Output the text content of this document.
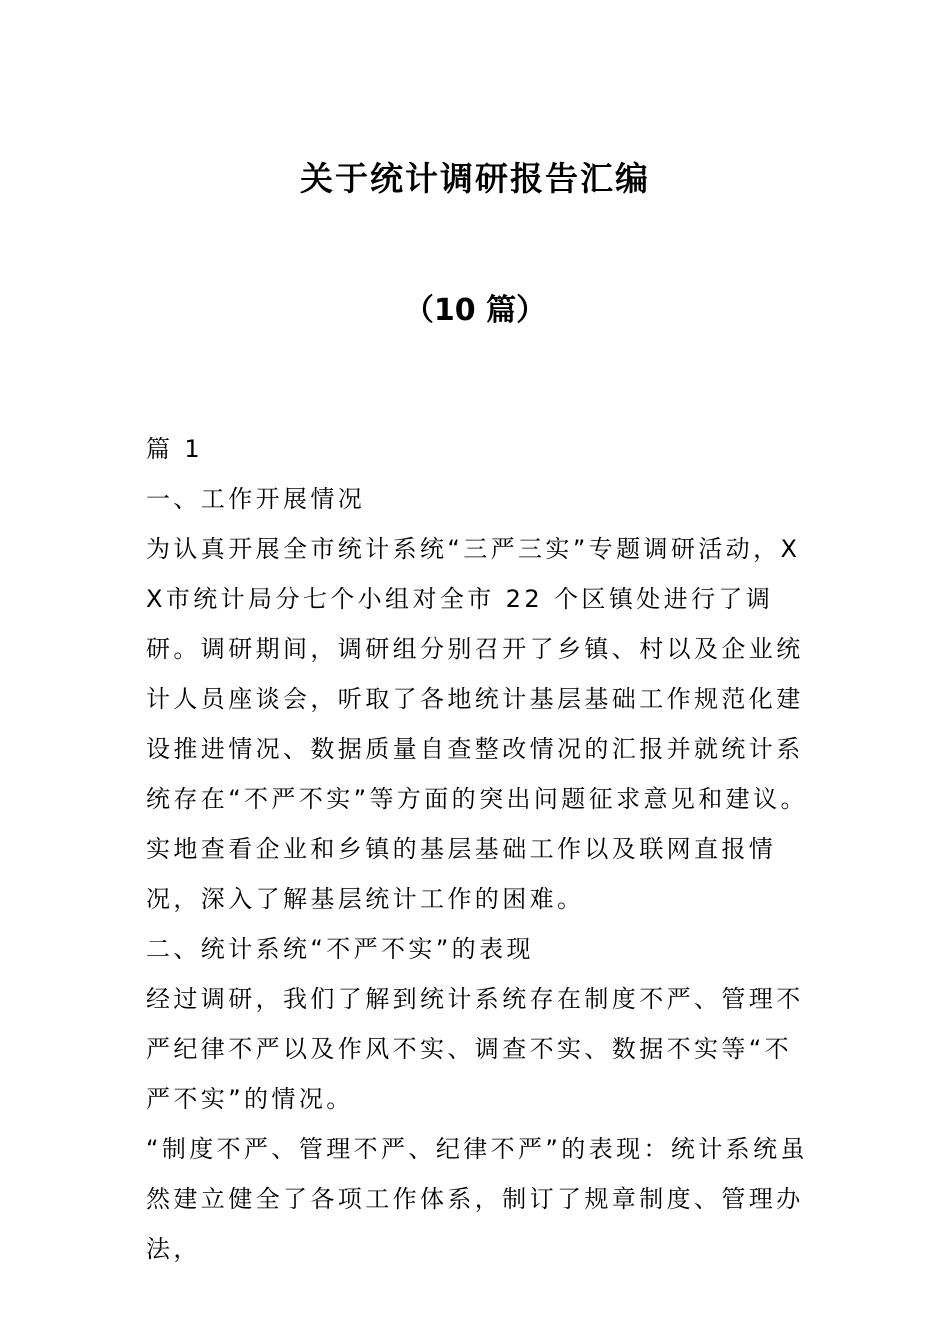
关于统计调研报告汇编
（10 篇）

篇 1

一、工作开展情况

为认真开展全市统计系统“三严三实”专题调研活动，XX市统计局分七个小组对全市 22 个区镇处进行了调研。调研期间，调研组分别召开了乡镇、村以及企业统计人员座谈会，听取了各地统计基层基础工作规范化建设推进情况、数据质量自查整改情况的汇报并就统计系统存在“不严不实”等方面的突出问题征求意见和建议。实地查看企业和乡镇的基层基础工作以及联网直报情况，深入了解基层统计工作的困难。

二、统计系统“不严不实”的表现

经过调研，我们了解到统计系统存在制度不严、管理不严纪律不严以及作风不实、调查不实、数据不实等“不严不实”的情况。

“制度不严、管理不严、纪律不严”的表现：统计系统虽然建立健全了各项工作体系，制订了规章制度、管理办法，
